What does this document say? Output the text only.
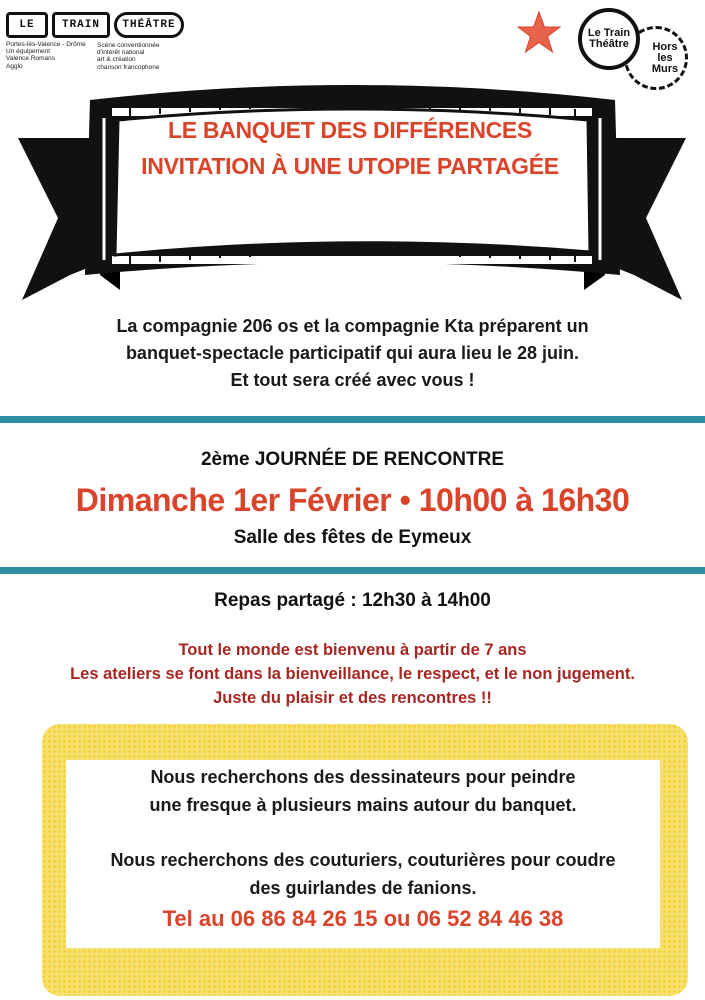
LE	TRAIN	THÉÂTRE
Portes-lès-Valence - Drôme
Un équipement
Valence Romans
Agglo
Scène conventionnée
d'intérêt national
art & création
chanson francophone
Hors les Murs
Le Train Théâtre
LE BANQUET DES DIFFÉRENCES
INVITATION À UNE UTOPIE PARTAGÉE
La compagnie 206 os et la compagnie Kta préparent un
banquet-spectacle participatif qui aura lieu le 28 juin.
Et tout sera créé avec vous !
2ème JOURNÉE DE RENCONTRE
Dimanche 1er Février • 10h00 à 16h30
Salle des fêtes de Eymeux
Repas partagé : 12h30 à 14h00
Tout le monde est bienvenu à partir de 7 ans
Les ateliers se font dans la bienveillance, le respect, et le non jugement.
Juste du plaisir et des rencontres !!
Nous recherchons des dessinateurs pour peindre
une fresque à plusieurs mains autour du banquet.
Nous recherchons des couturiers, couturières pour coudre
des guirlandes de fanions.
Tel au 06 86 84 26 15 ou 06 52 84 46 38
